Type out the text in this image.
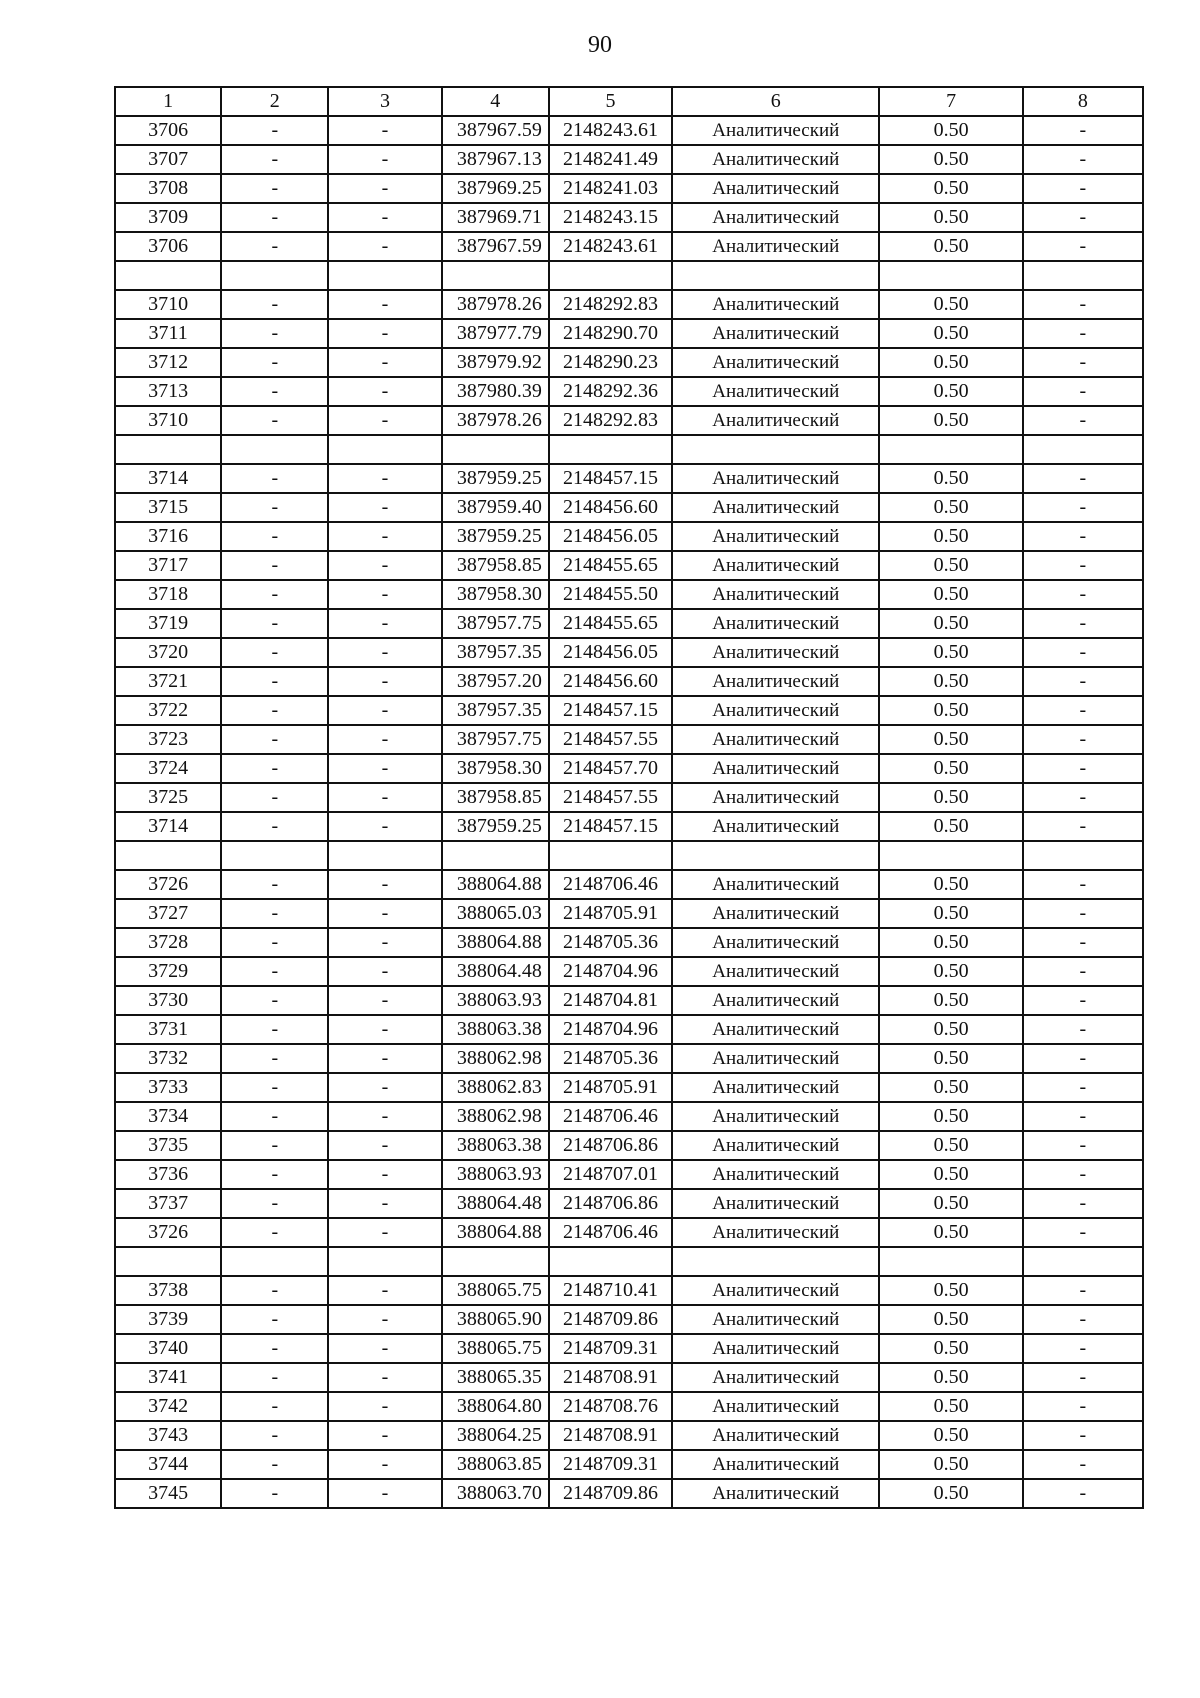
90
1	2	3	4	5	6	7	8
3706	-	-	387967.59	2148243.61	Аналитический	0.50	-
3707	-	-	387967.13	2148241.49	Аналитический	0.50	-
3708	-	-	387969.25	2148241.03	Аналитический	0.50	-
3709	-	-	387969.71	2148243.15	Аналитический	0.50	-
3706	-	-	387967.59	2148243.61	Аналитический	0.50	-

3710	-	-	387978.26	2148292.83	Аналитический	0.50	-
3711	-	-	387977.79	2148290.70	Аналитический	0.50	-
3712	-	-	387979.92	2148290.23	Аналитический	0.50	-
3713	-	-	387980.39	2148292.36	Аналитический	0.50	-
3710	-	-	387978.26	2148292.83	Аналитический	0.50	-

3714	-	-	387959.25	2148457.15	Аналитический	0.50	-
3715	-	-	387959.40	2148456.60	Аналитический	0.50	-
3716	-	-	387959.25	2148456.05	Аналитический	0.50	-
3717	-	-	387958.85	2148455.65	Аналитический	0.50	-
3718	-	-	387958.30	2148455.50	Аналитический	0.50	-
3719	-	-	387957.75	2148455.65	Аналитический	0.50	-
3720	-	-	387957.35	2148456.05	Аналитический	0.50	-
3721	-	-	387957.20	2148456.60	Аналитический	0.50	-
3722	-	-	387957.35	2148457.15	Аналитический	0.50	-
3723	-	-	387957.75	2148457.55	Аналитический	0.50	-
3724	-	-	387958.30	2148457.70	Аналитический	0.50	-
3725	-	-	387958.85	2148457.55	Аналитический	0.50	-
3714	-	-	387959.25	2148457.15	Аналитический	0.50	-

3726	-	-	388064.88	2148706.46	Аналитический	0.50	-
3727	-	-	388065.03	2148705.91	Аналитический	0.50	-
3728	-	-	388064.88	2148705.36	Аналитический	0.50	-
3729	-	-	388064.48	2148704.96	Аналитический	0.50	-
3730	-	-	388063.93	2148704.81	Аналитический	0.50	-
3731	-	-	388063.38	2148704.96	Аналитический	0.50	-
3732	-	-	388062.98	2148705.36	Аналитический	0.50	-
3733	-	-	388062.83	2148705.91	Аналитический	0.50	-
3734	-	-	388062.98	2148706.46	Аналитический	0.50	-
3735	-	-	388063.38	2148706.86	Аналитический	0.50	-
3736	-	-	388063.93	2148707.01	Аналитический	0.50	-
3737	-	-	388064.48	2148706.86	Аналитический	0.50	-
3726	-	-	388064.88	2148706.46	Аналитический	0.50	-

3738	-	-	388065.75	2148710.41	Аналитический	0.50	-
3739	-	-	388065.90	2148709.86	Аналитический	0.50	-
3740	-	-	388065.75	2148709.31	Аналитический	0.50	-
3741	-	-	388065.35	2148708.91	Аналитический	0.50	-
3742	-	-	388064.80	2148708.76	Аналитический	0.50	-
3743	-	-	388064.25	2148708.91	Аналитический	0.50	-
3744	-	-	388063.85	2148709.31	Аналитический	0.50	-
3745	-	-	388063.70	2148709.86	Аналитический	0.50	-
